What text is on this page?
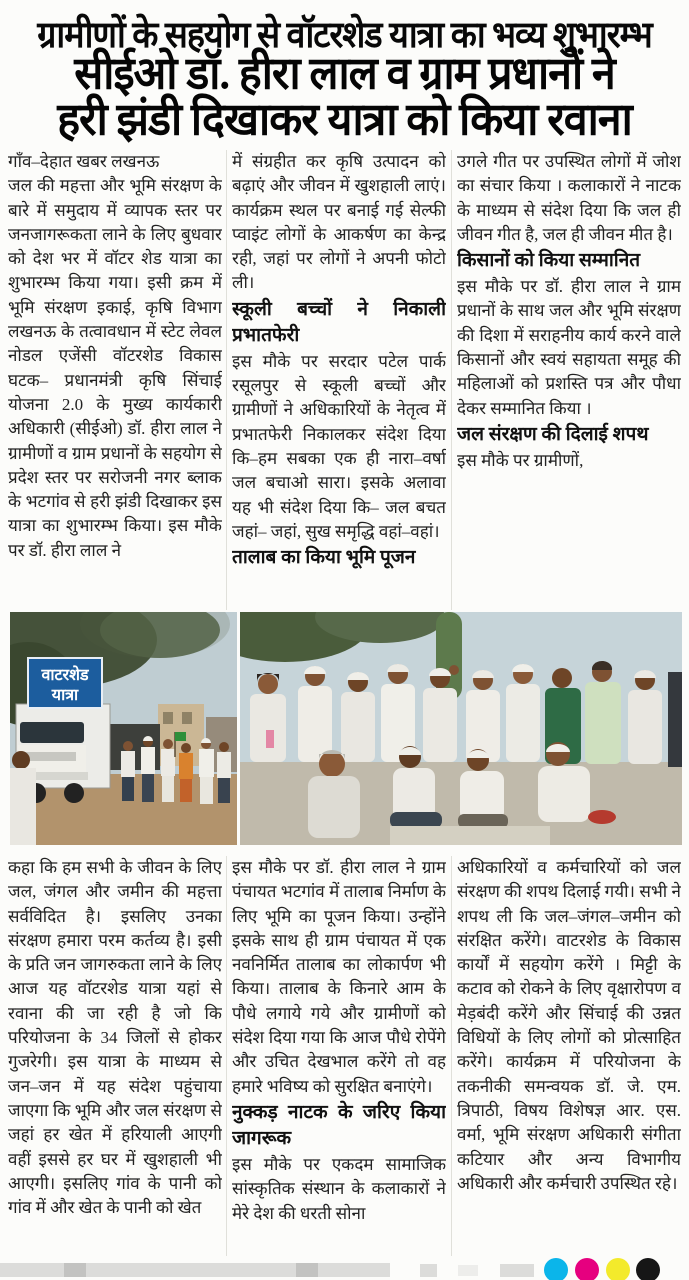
ग्रामीणों के सहयोग से वॉटरशेड यात्रा का भव्य शुभारम्भ
सीईओ डॉ. हीरा लाल व ग्राम प्रधानों ने
हरी झंडी दिखाकर यात्रा को किया रवाना
गाँव–देहात खबर लखनऊ
जल की महत्ता और भूमि संरक्षण के बारे में समुदाय में व्यापक स्तर पर जनजागरूकता लाने के लिए बुधवार को देश भर में वॉटर शेड यात्रा का शुभारम्भ किया गया। इसी क्रम में भूमि संरक्षण इकाई, कृषि विभाग लखनऊ के तत्वावधान में स्टेट लेवल नोडल एजेंसी वॉटरशेड विकास घटक– प्रधानमंत्री कृषि सिंचाई योजना 2.0 के मुख्य कार्यकारी अधिकारी (सीईओ) डॉ. हीरा लाल ने ग्रामीणों व ग्राम प्रधानों के सहयोग से प्रदेश स्तर पर सरोजनी नगर ब्लाक के भटगांव से हरी झंडी दिखाकर इस यात्रा का शुभारम्भ किया। इस मौके पर डॉ. हीरा लाल ने
में संग्रहीत कर कृषि उत्पादन को बढ़ाएं और जीवन में खुशहाली लाएं। कार्यक्रम स्थल पर बनाई गई सेल्फी प्वाइंट लोगों के आकर्षण का केन्द्र रही, जहां पर लोगों ने अपनी फोटो ली।
स्कूली बच्चों ने निकाली प्रभातफेरी
इस मौके पर सरदार पटेल पार्क रसूलपुर से स्कूली बच्चों और ग्रामीणों ने अधिकारियों के नेतृत्व में प्रभातफेरी निकालकर संदेश दिया कि–हम सबका एक ही नारा–वर्षा जल बचाओ सारा। इसके अलावा यह भी संदेश दिया कि– जल बचत जहां– जहां, सुख समृद्धि वहां–वहां।
तालाब का किया भूमि पूजन
उगले गीत पर उपस्थित लोगों में जोश का संचार किया । कलाकारों ने नाटक के माध्यम से संदेश दिया कि जल ही जीवन गीत है, जल ही जीवन मीत है।
किसानों को किया सम्मानित
इस मौके पर डॉ. हीरा लाल ने ग्राम प्रधानों के साथ जल और भूमि संरक्षण की दिशा में सराहनीय कार्य करने वाले किसानों और स्वयं सहायता समूह की महिलाओं को प्रशस्ति पत्र और पौधा देकर सम्मानित किया ।
जल संरक्षण की दिलाई शपथ
इस मौके पर ग्रामीणों,
वाटरशेड
यात्रा
कहा कि हम सभी के जीवन के लिए जल, जंगल और जमीन की महत्ता सर्वविदित है। इसलिए उनका संरक्षण हमारा परम कर्तव्य है। इसी के प्रति जन जागरुकता लाने के लिए आज यह वॉटरशेड यात्रा यहां से रवाना की जा रही है जो कि परियोजना के 34 जिलों से होकर गुजरेगी। इस यात्रा के माध्यम से जन–जन में यह संदेश पहुंचाया जाएगा कि भूमि और जल संरक्षण से जहां हर खेत में हरियाली आएगी वहीं इससे हर घर में खुशहाली भी आएगी। इसलिए गांव के पानी को गांव में और खेत के पानी को खेत
इस मौके पर डॉ. हीरा लाल ने ग्राम पंचायत भटगांव में तालाब निर्माण के लिए भूमि का पूजन किया। उन्होंने इसके साथ ही ग्राम पंचायत में एक नवनिर्मित तालाब का लोकार्पण भी किया। तालाब के किनारे आम के पौधे लगाये गये और ग्रामीणों को संदेश दिया गया कि आज पौधे रोपेंगे और उचित देखभाल करेंगे तो वह हमारे भविष्य को सुरक्षित बनाएंगे।
नुक्कड़ नाटक के जरिए किया जागरूक
इस मौके पर एकदम सामाजिक सांस्कृतिक संस्थान के कलाकारों ने मेरे देश की धरती सोना
अधिकारियों व कर्मचारियों को जल संरक्षण की शपथ दिलाई गयी। सभी ने शपथ ली कि जल–जंगल–जमीन को संरक्षित करेंगे। वाटरशेड के विकास कार्यों में सहयोग करेंगे । मिट्टी के कटाव को रोकने के लिए वृक्षारोपण व मेड़बंदी करेंगे और सिंचाई की उन्नत विधियों के लिए लोगों को प्रोत्साहित करेंगे। कार्यक्रम में परियोजना के तकनीकी समन्वयक डॉ. जे. एम. त्रिपाठी, विषय विशेषज्ञ आर. एस. वर्मा, भूमि संरक्षण अधिकारी संगीता कटियार और अन्य विभागीय अधिकारी और कर्मचारी उपस्थित रहे।
